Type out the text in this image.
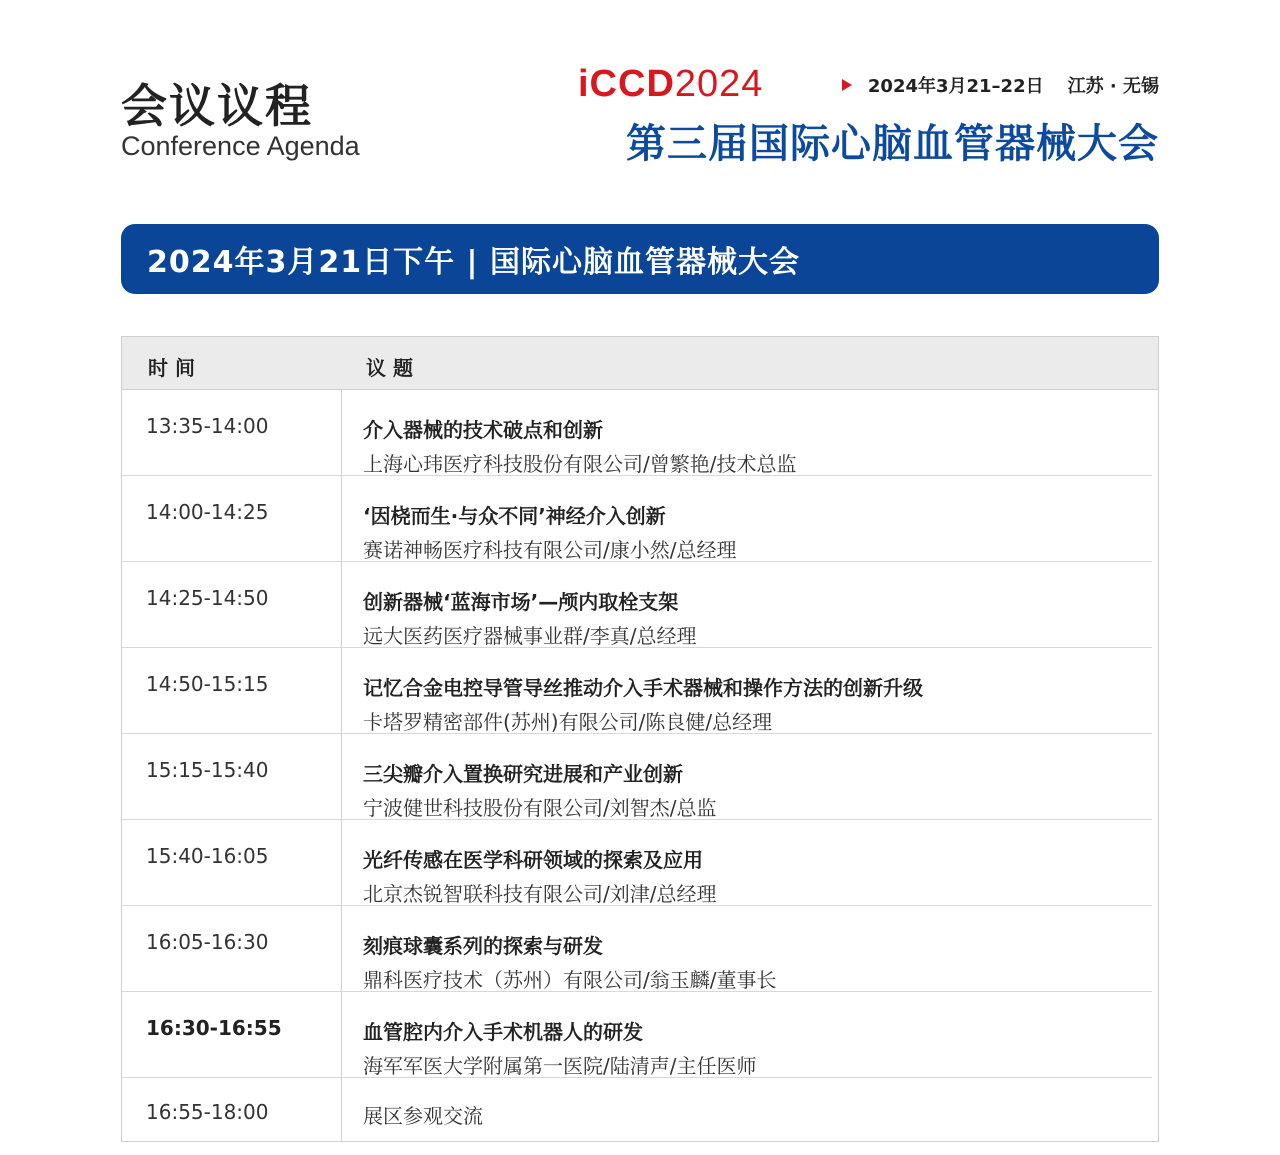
会议议程
Conference Agenda
iCCD2024	2024年3月21–22日 江苏 · 无锡
第三届国际心脑血管器械大会
2024年3月21日下午 | 国际心脑血管器械大会
时 间	议 题
13:35-14:00	介入器械的技术破点和创新
上海心玮医疗科技股份有限公司/曾繁艳/技术总监
14:00-14:25	‘因桡而生·与众不同’神经介入创新
赛诺神畅医疗科技有限公司/康小然/总经理
14:25-14:50	创新器械‘蓝海市场’—颅内取栓支架
远大医药医疗器械事业群/李真/总经理
14:50-15:15	记忆合金电控导管导丝推动介入手术器械和操作方法的创新升级
卡塔罗精密部件(苏州)有限公司/陈良健/总经理
15:15-15:40	三尖瓣介入置换研究进展和产业创新
宁波健世科技股份有限公司/刘智杰/总监
15:40-16:05	光纤传感在医学科研领域的探索及应用
北京杰锐智联科技有限公司/刘津/总经理
16:05-16:30	刻痕球囊系列的探索与研发
鼎科医疗技术（苏州）有限公司/翁玉麟/董事长
16:30-16:55	血管腔内介入手术机器人的研发
海军军医大学附属第一医院/陆清声/主任医师
16:55-18:00	展区参观交流
